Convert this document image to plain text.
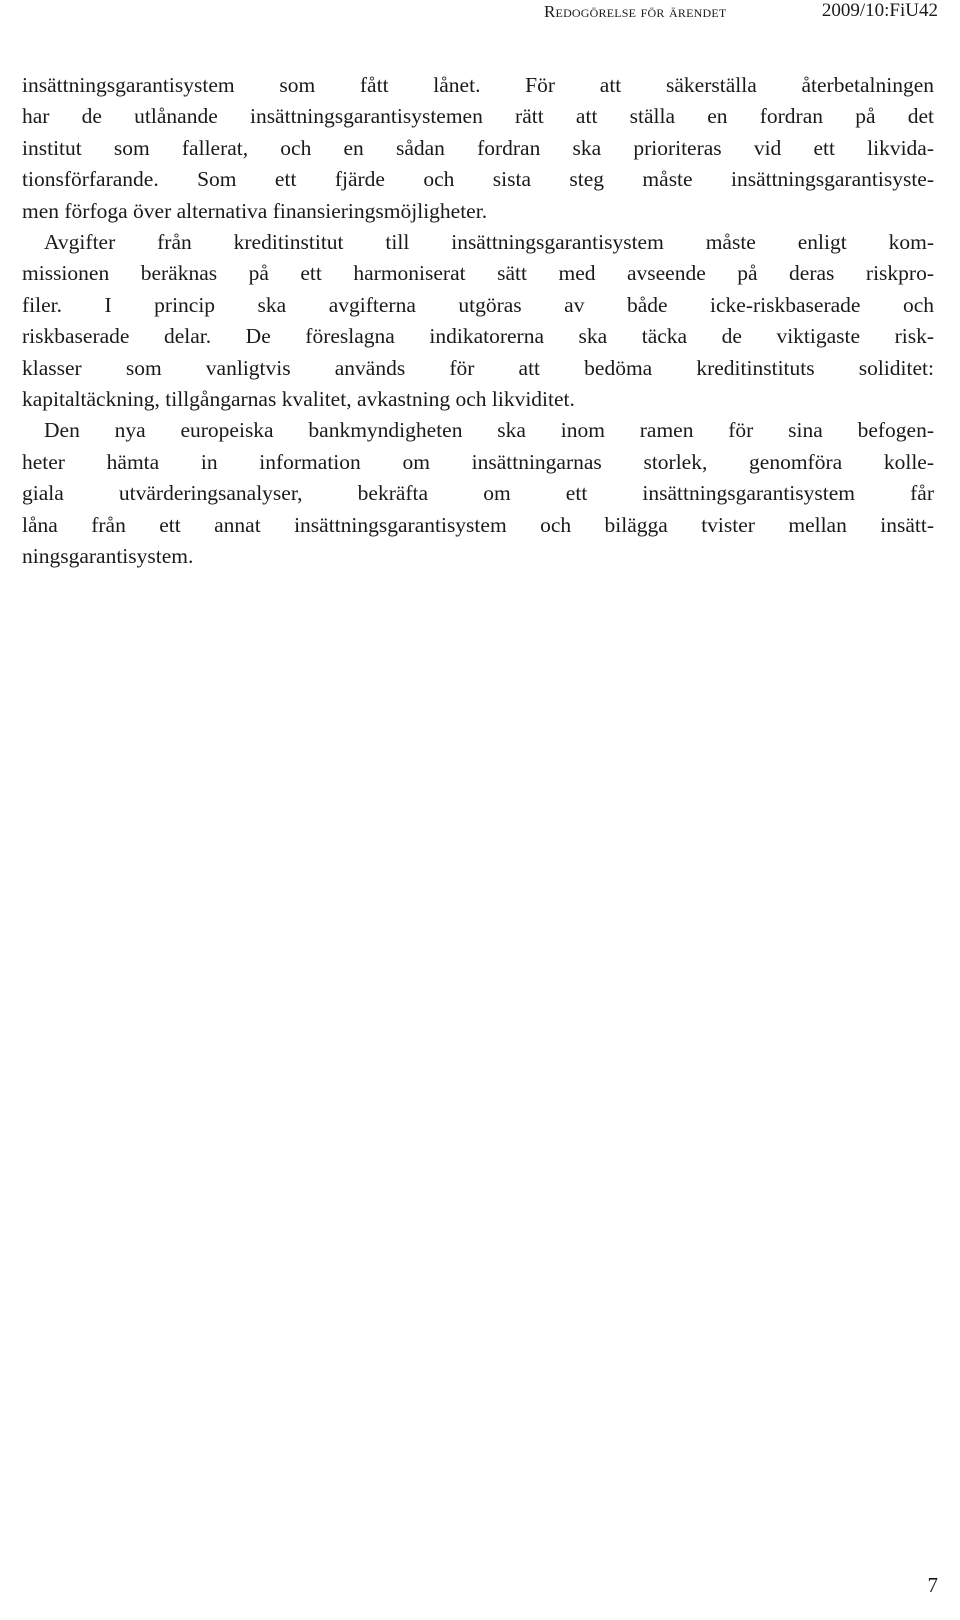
Redogörelse för ärendet	2009/10:FiU42
insättningsgarantisystem som fått lånet. För att säkerställa återbetalningen
har de utlånande insättningsgarantisystemen rätt att ställa en fordran på det
institut som fallerat, och en sådan fordran ska prioriteras vid ett likvida-
tionsförfarande. Som ett fjärde och sista steg måste insättningsgarantisyste-
men förfoga över alternativa finansieringsmöjligheter.
Avgifter från kreditinstitut till insättningsgarantisystem måste enligt kom-
missionen beräknas på ett harmoniserat sätt med avseende på deras riskpro-
filer. I princip ska avgifterna utgöras av både icke-riskbaserade och
riskbaserade delar. De föreslagna indikatorerna ska täcka de viktigaste risk-
klasser som vanligtvis används för att bedöma kreditinstituts soliditet:
kapitaltäckning, tillgångarnas kvalitet, avkastning och likviditet.
Den nya europeiska bankmyndigheten ska inom ramen för sina befogen-
heter hämta in information om insättningarnas storlek, genomföra kolle-
giala utvärderingsanalyser, bekräfta om ett insättningsgarantisystem får
låna från ett annat insättningsgarantisystem och bilägga tvister mellan insätt-
ningsgarantisystem.
7
